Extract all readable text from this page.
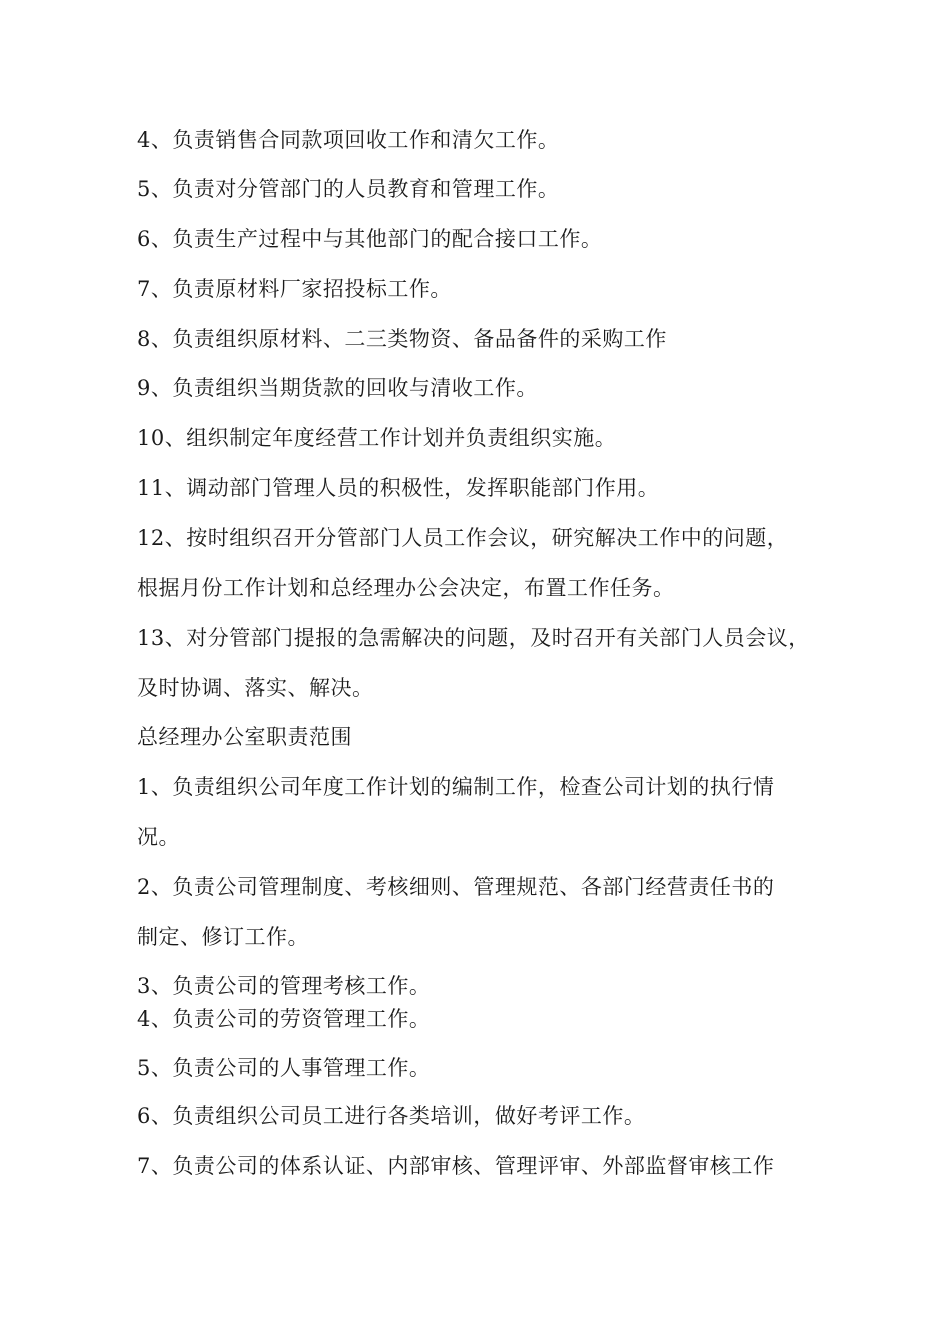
4、负责销售合同款项回收工作和清欠工作。
5、负责对分管部门的人员教育和管理工作。
6、负责生产过程中与其他部门的配合接口工作。
7、负责原材料厂家招投标工作。
8、负责组织原材料、二三类物资、备品备件的采购工作
9、负责组织当期货款的回收与清收工作。
10、组织制定年度经营工作计划并负责组织实施。
11、调动部门管理人员的积极性，发挥职能部门作用。
12、按时组织召开分管部门人员工作会议，研究解决工作中的问题，
根据月份工作计划和总经理办公会决定，布置工作任务。
13、对分管部门提报的急需解决的问题，及时召开有关部门人员会议，
及时协调、落实、解决。
总经理办公室职责范围
1、负责组织公司年度工作计划的编制工作，检查公司计划的执行情
况。
2、负责公司管理制度、考核细则、管理规范、各部门经营责任书的
制定、修订工作。
3、负责公司的管理考核工作。
4、负责公司的劳资管理工作。
5、负责公司的人事管理工作。
6、负责组织公司员工进行各类培训，做好考评工作。
7、负责公司的体系认证、内部审核、管理评审、外部监督审核工作
